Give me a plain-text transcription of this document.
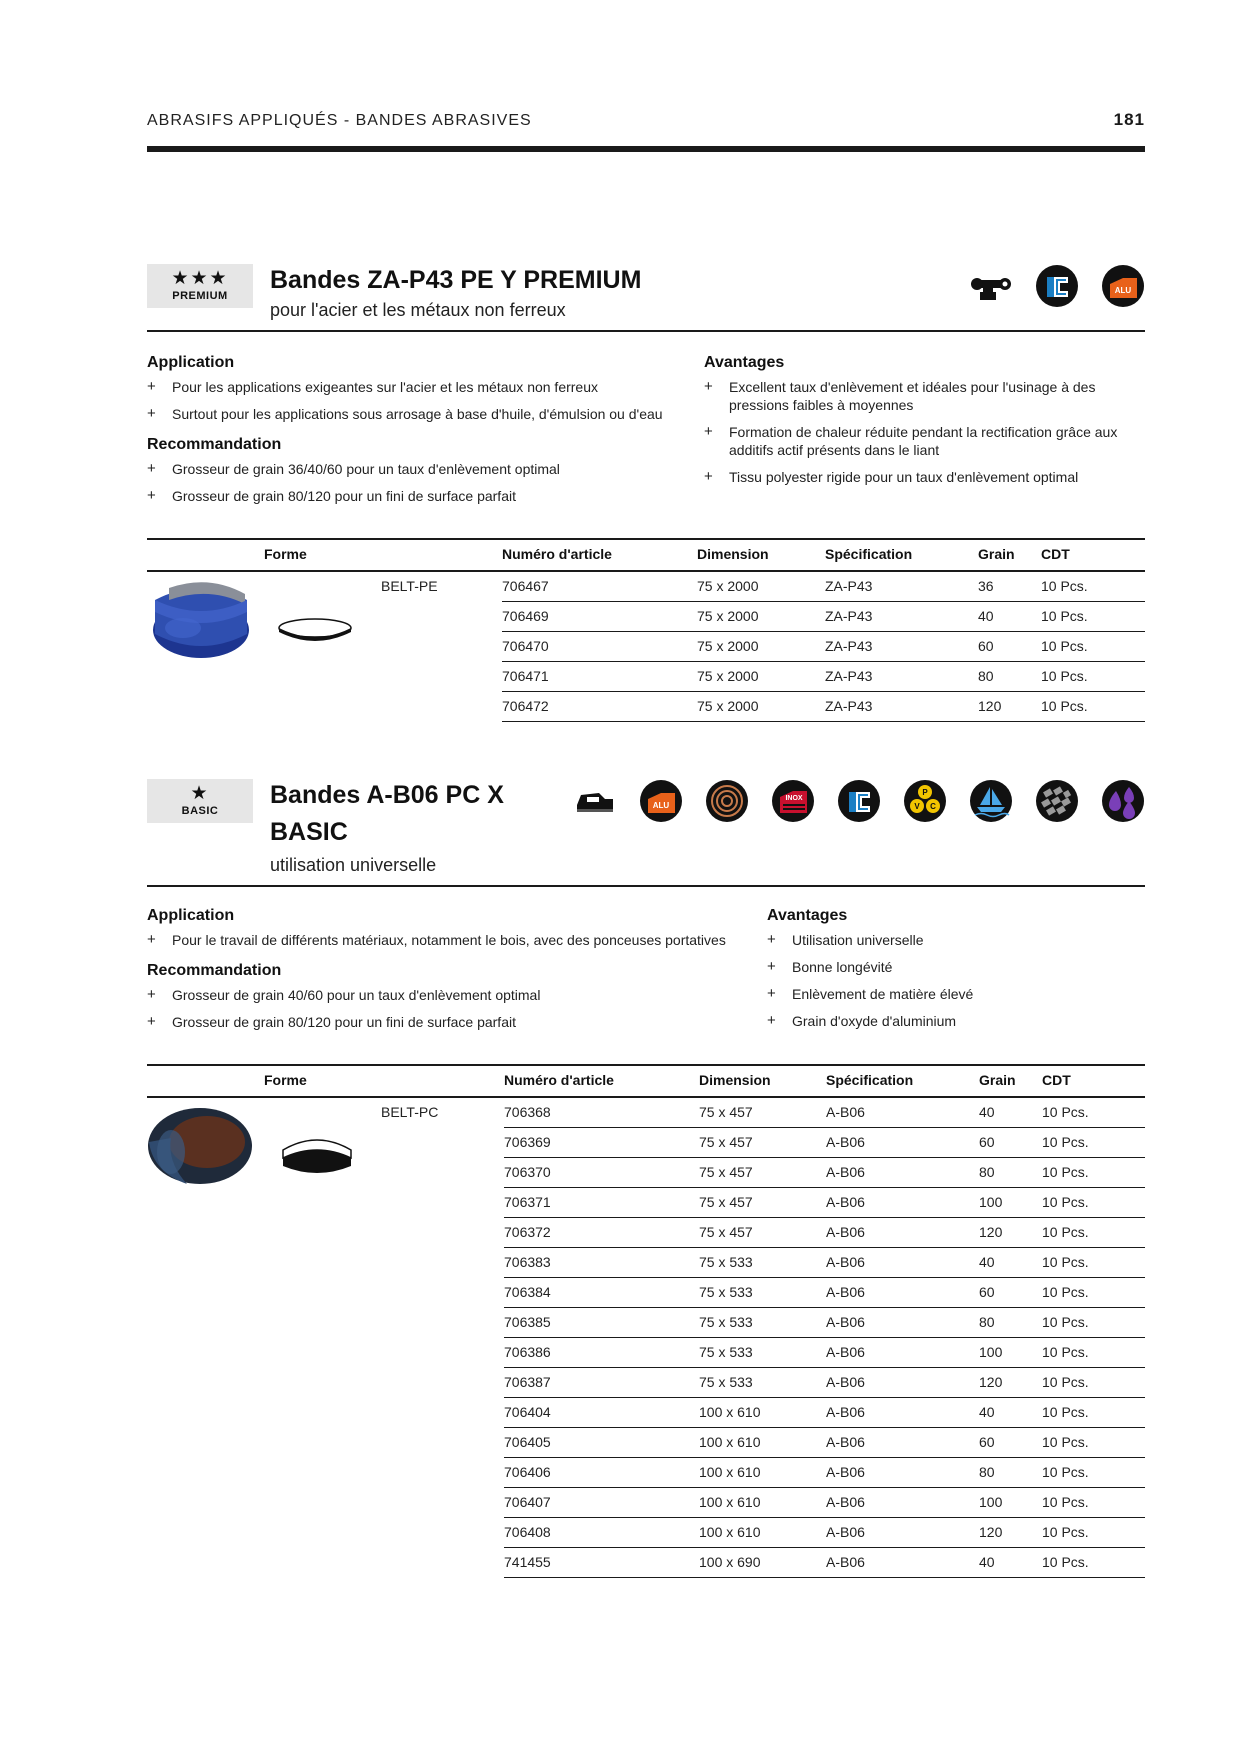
ABRASIFS APPLIQUÉS - BANDES ABRASIVES	181
★★★
PREMIUM
Bandes ZA-P43 PE Y PREMIUM
pour l'acier et les métaux non ferreux
ALU
Application
+ Pour les applications exigeantes sur l'acier et les métaux non ferreux
+ Surtout pour les applications sous arrosage à base d'huile, d'émulsion ou d'eau
Recommandation
+ Grosseur de grain 36/40/60 pour un taux d'enlèvement optimal
+ Grosseur de grain 80/120 pour un fini de surface parfait
Avantages
+ Excellent taux d'enlèvement et idéales pour l'usinage à des pressions faibles à moyennes
+ Formation de chaleur réduite pendant la rectification grâce aux additifs actif présents dans le liant
+ Tissu polyester rigide pour un taux d'enlèvement optimal
Forme	Numéro d'article	Dimension	Spécification	Grain CDT
BELT-PE	706467	75 x 2000	ZA-P43	36	10 Pcs.
706469	75 x 2000	ZA-P43	40	10 Pcs.
706470	75 x 2000	ZA-P43	60	10 Pcs.
706471	75 x 2000	ZA-P43	80	10 Pcs.
706472	75 x 2000	ZA-P43	120	10 Pcs.
★
BASIC
Bandes A-B06 PC X
BASIC
utilisation universelle
ALU
INOX
P
V C
Application
+ Pour le travail de différents matériaux, notamment le bois, avec des ponceuses portatives
Recommandation
+ Grosseur de grain 40/60 pour un taux d'enlèvement optimal
+ Grosseur de grain 80/120 pour un fini de surface parfait
Avantages
+ Utilisation universelle
+ Bonne longévité
+ Enlèvement de matière élevé
+ Grain d'oxyde d'aluminium
Forme	Numéro d'article	Dimension	Spécification	Grain CDT
BELT-PC	706368	75 x 457	A-B06	40	10 Pcs.
706369	75 x 457	A-B06	60	10 Pcs.
706370	75 x 457	A-B06	80	10 Pcs.
706371	75 x 457	A-B06	100	10 Pcs.
706372	75 x 457	A-B06	120	10 Pcs.
706383	75 x 533	A-B06	40	10 Pcs.
706384	75 x 533	A-B06	60	10 Pcs.
706385	75 x 533	A-B06	80	10 Pcs.
706386	75 x 533	A-B06	100	10 Pcs.
706387	75 x 533	A-B06	120	10 Pcs.
706404	100 x 610	A-B06	40	10 Pcs.
706405	100 x 610	A-B06	60	10 Pcs.
706406	100 x 610	A-B06	80	10 Pcs.
706407	100 x 610	A-B06	100	10 Pcs.
706408	100 x 610	A-B06	120	10 Pcs.
741455	100 x 690	A-B06	40	10 Pcs.
